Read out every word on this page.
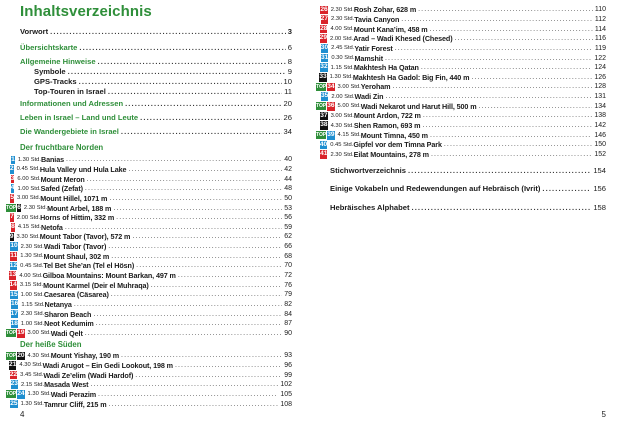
Inhaltsverzeichnis
Vorwort .....	3
Übersichtskarte .....	6
Allgemeine Hinweise .....	8
Symbole .....	9
GPS-Tracks .....	10
Top-Touren in Israel .....	11
Informationen und Adressen .....	20
Leben in Israel – Land und Leute .....	26
Die Wandergebiete in Israel .....	34
Der fruchtbare Norden
1 1.30 Std. Banias .....	40
2 0.45 Std. Hula Valley und Hula Lake .....	42
3 6.00 Std. Mount Meron .....	44
4 1.00 Std. Safed (Zefat) .....	48
5 3.00 Std. Mount Hillel, 1071 m .....	50
TOP 6 2.30 Std. Mount Arbel, 188 m .....	53
7 2.00 Std. Horns of Hittim, 332 m .....	56
8 4.15 Std. Netofa .....	59
9 3.30 Std. Mount Tabor (Tavor), 572 m .....	62
10 2.30 Std. Wadi Tabor (Tavor) .....	66
11 1.30 Std. Mount Shaul, 302 m .....	68
12 0.45 Std. Tel Bet She’an (Tel el Hösn) .....	70
13 4.00 Std. Gilboa Mountains: Mount Barkan, 497 m .....	72
14 3.15 Std. Mount Karmel (Deir el Muhraqa) .....	76
15 1.00 Std. Caesarea (Cäsarea) .....	79
16 1.15 Std. Netanya .....	82
17 2.30 Std. Sharon Beach .....	84
18 1.00 Std. Neot Kedumim .....	87
TOP 19 3.00 Std. Wadi Qelt .....	90
Der heiße Süden
TOP 20 4.30 Std. Mount Yishay, 190 m .....	93
21 4.30 Std. Wadi Arugot – Ein Gedi Lookout, 198 m .....	96
22 3.45 Std. Wadi Ze’elim (Wadi Hardof) .....	99
23 2.15 Std. Masada West .....	102
TOP 24 1.30 Std. Wadi Perazim .....	105
25 1.30 Std. Tamrur Cliff, 215 m .....	108
4
26 2.30 Std. Rosh Zohar, 628 m .....	110
27 2.30 Std. Tavia Canyon .....	112
28 4.00 Std. Mount Kana’im, 458 m .....	114
29 2.00 Std. Arad – Wadi Khesed (Chesed) .....	116
30 2.45 Std. Yatir Forest .....	119
31 0.30 Std. Mamshit .....	122
32 1.15 Std. Makhtesh Ha Qatan .....	124
33 1.30 Std. Makhtesh Ha Gadol: Big Fin, 440 m .....	126
TOP 34 3.00 Std. Yeroham .....	128
35 2.00 Std. Wadi Zin .....	131
TOP 36 5.00 Std. Wadi Nekarot und Harut Hill, 500 m .....	134
37 3.00 Std. Mount Ardon, 722 m .....	138
38 4.30 Std. Shen Ramon, 693 m .....	142
TOP 39 4.15 Std. Mount Timna, 450 m .....	146
40 0.45 Std. Gipfel vor dem Timna Park .....	150
41 2.30 Std. Eilat Mountains, 278 m .....	152
Stichwortverzeichnis .....	154
Einige Vokabeln und Redewendungen auf Hebräisch (Ivrit) .....	156
Hebräisches Alphabet .....	158
5
